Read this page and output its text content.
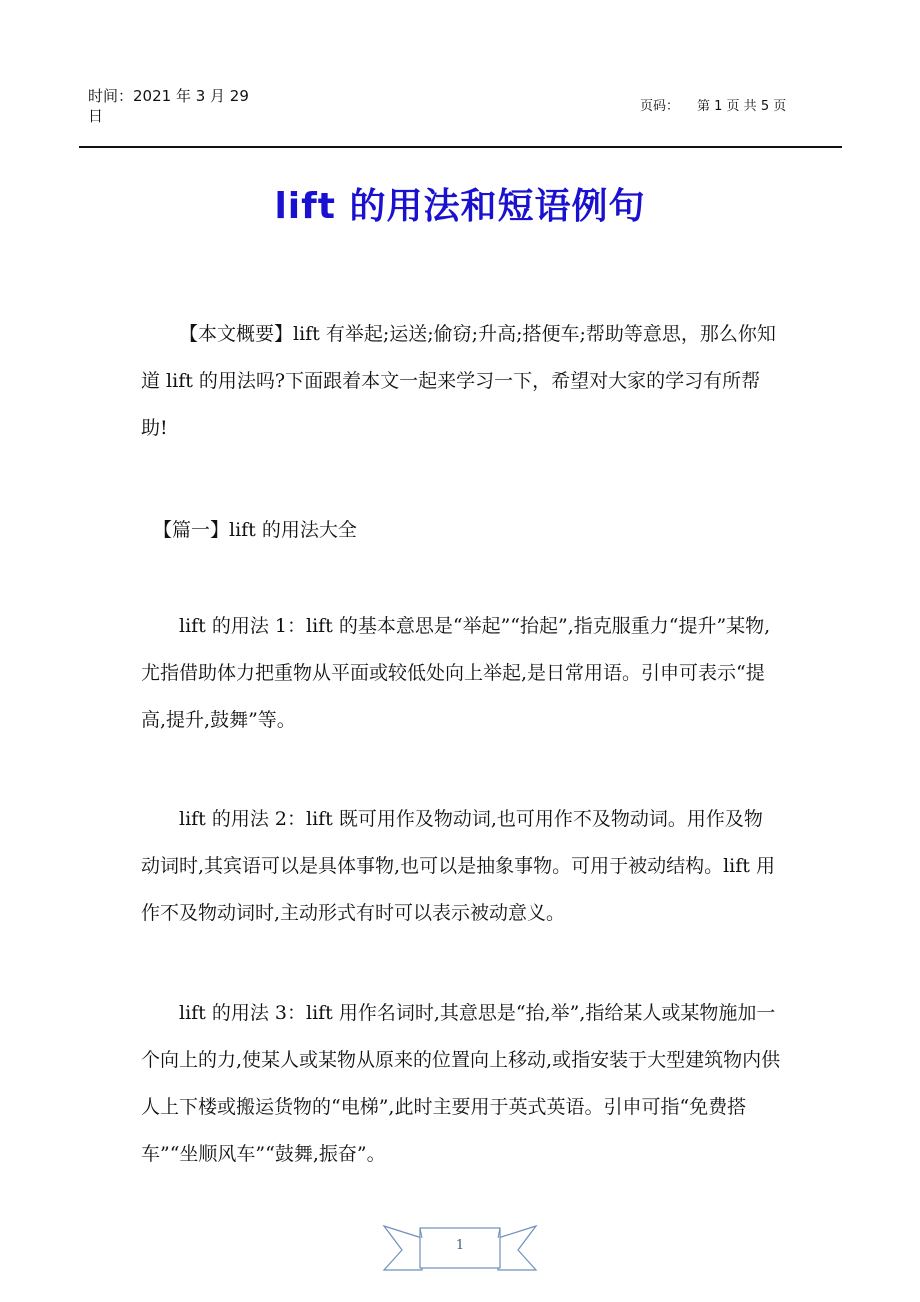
时间：2021 年 3 月 29 日
页码： 第 1 页 共 5 页
lift 的用法和短语例句

【本文概要】lift 有举起;运送;偷窃;升高;搭便车;帮助等意思，那么你知道 lift 的用法吗?下面跟着本文一起来学习一下，希望对大家的学习有所帮助!

【篇一】lift 的用法大全

lift 的用法 1：lift 的基本意思是“举起”“抬起”,指克服重力“提升”某物,尤指借助体力把重物从平面或较低处向上举起,是日常用语。引申可表示“提高,提升,鼓舞”等。

lift 的用法 2：lift 既可用作及物动词,也可用作不及物动词。用作及物动词时,其宾语可以是具体事物,也可以是抽象事物。可用于被动结构。lift 用作不及物动词时,主动形式有时可以表示被动意义。

lift 的用法 3：lift 用作名词时,其意思是“抬,举”,指给某人或某物施加一个向上的力,使某人或某物从原来的位置向上移动,或指安装于大型建筑物内供人上下楼或搬运货物的“电梯”,此时主要用于英式英语。引申可指“免费搭车”“坐顺风车”“鼓舞,振奋”。

1
